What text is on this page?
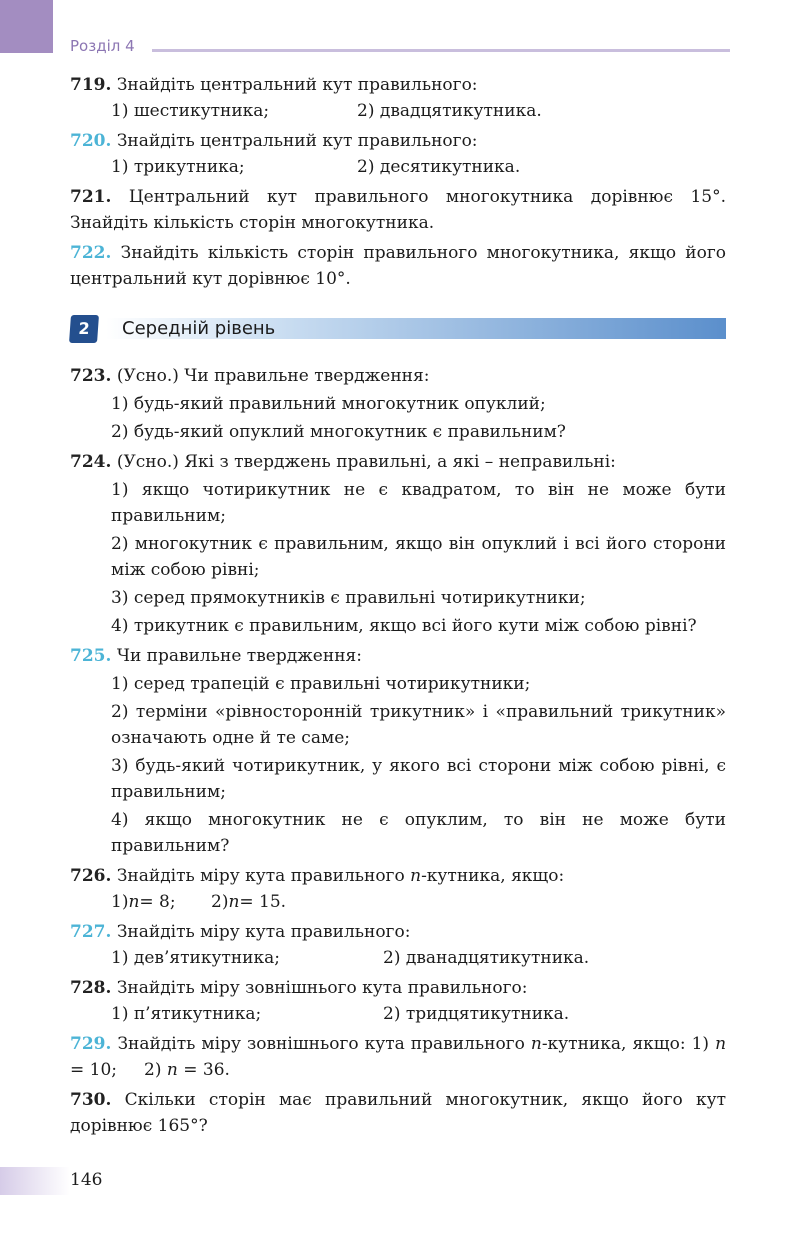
Розділ 4
719. Знайдіть центральний кут правильного:
1) шестикутника;	2) двадцятикутника.
720. Знайдіть центральний кут правильного:
1) трикутника;	2) десятикутника.
721. Центральний кут правильного многокутника дорівнює 15°. Знайдіть кількість сторін многокутника.
722. Знайдіть кількість сторін правильного многокутника, якщо його центральний кут дорівнює 10°.
2	Середній рівень
723. (Усно.) Чи правильне твердження:
1) будь-який правильний многокутник опуклий;
2) будь-який опуклий многокутник є правильним?
724. (Усно.) Які з тверджень правильні, а які – неправильні:
1) якщо чотирикутник не є квадратом, то він не може бути правильним;
2) многокутник є правильним, якщо він опуклий і всі його сторони між собою рівні;
3) серед прямокутників є правильні чотирикутники;
4) трикутник є правильним, якщо всі його кути між собою рівні?
725. Чи правильне твердження:
1) серед трапецій є правильні чотирикутники;
2) терміни «рівносторонній трикутник» і «правильний трикутник» означають одне й те саме;
3) будь-який чотирикутник, у якого всі сторони між собою рівні, є правильним;
4) якщо многокутник не є опуклим, то він не може бути правильним?
726. Знайдіть міру кута правильного n-кутника, якщо:
1)n= 8;	2)n= 15.
727. Знайдіть міру кута правильного:
1) дев’ятикутника;	2) дванадцятикутника.
728. Знайдіть міру зовнішнього кута правильного:
1) п’ятикутника;	2) тридцятикутника.
729. Знайдіть міру зовнішнього кута правильного n-кутника, якщо: 1) n = 10; 2) n = 36.
730. Скільки сторін має правильний многокутник, якщо його кут дорівнює 165°?
146
